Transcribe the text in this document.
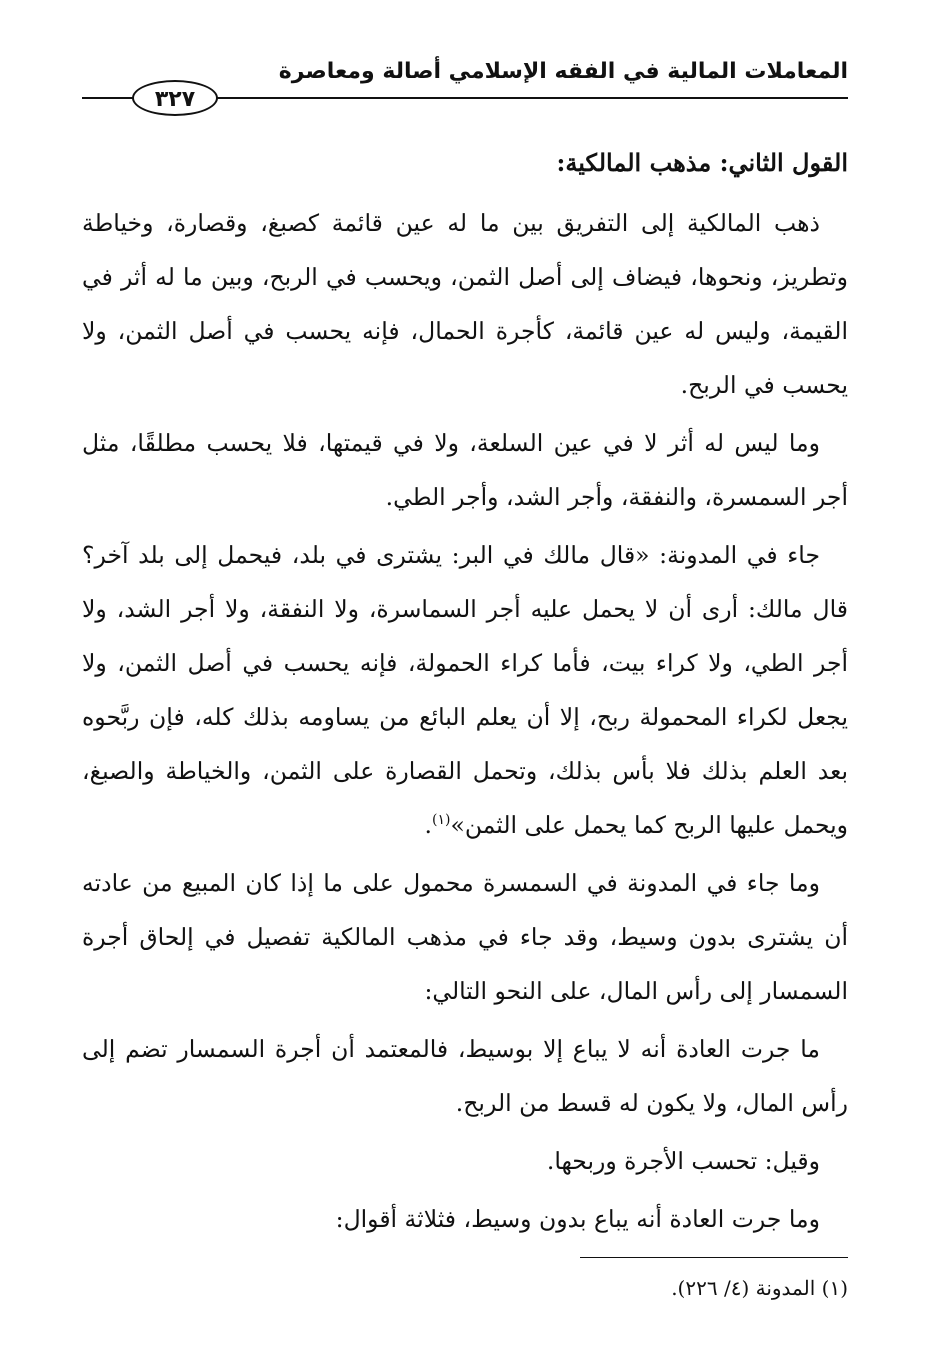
المعاملات المالية في الفقه الإسلامي أصالة ومعاصرة
٣٢٧

القول الثاني: مذهب المالكية:

ذهب المالكية إلى التفريق بين ما له عين قائمة كصبغ، وقصارة، وخياطة وتطريز، ونحوها، فيضاف إلى أصل الثمن، ويحسب في الربح، وبين ما له أثر في القيمة، وليس له عين قائمة، كأجرة الحمال، فإنه يحسب في أصل الثمن، ولا يحسب في الربح.

وما ليس له أثر لا في عين السلعة، ولا في قيمتها، فلا يحسب مطلقًا، مثل أجر السمسرة، والنفقة، وأجر الشد، وأجر الطي.

جاء في المدونة: «قال مالك في البر: يشترى في بلد، فيحمل إلى بلد آخر؟ قال مالك: أرى أن لا يحمل عليه أجر السماسرة، ولا النفقة، ولا أجر الشد، ولا أجر الطي، ولا كراء بيت، فأما كراء الحمولة، فإنه يحسب في أصل الثمن، ولا يجعل لكراء المحمولة ربح، إلا أن يعلم البائع من يساومه بذلك كله، فإن ربَّحوه بعد العلم بذلك فلا بأس بذلك، وتحمل القصارة على الثمن، والخياطة والصبغ، ويحمل عليها الربح كما يحمل على الثمن»$^{(١)}$.

وما جاء في المدونة في السمسرة محمول على ما إذا كان المبيع من عادته أن يشترى بدون وسيط، وقد جاء في مذهب المالكية تفصيل في إلحاق أجرة السمسار إلى رأس المال، على النحو التالي:

ما جرت العادة أنه لا يباع إلا بوسيط، فالمعتمد أن أجرة السمسار تضم إلى رأس المال، ولا يكون له قسط من الربح.

وقيل: تحسب الأجرة وربحها.

وما جرت العادة أنه يباع بدون وسيط، فثلاثة أقوال:

(١) المدونة (٤/ ٢٢٦).
